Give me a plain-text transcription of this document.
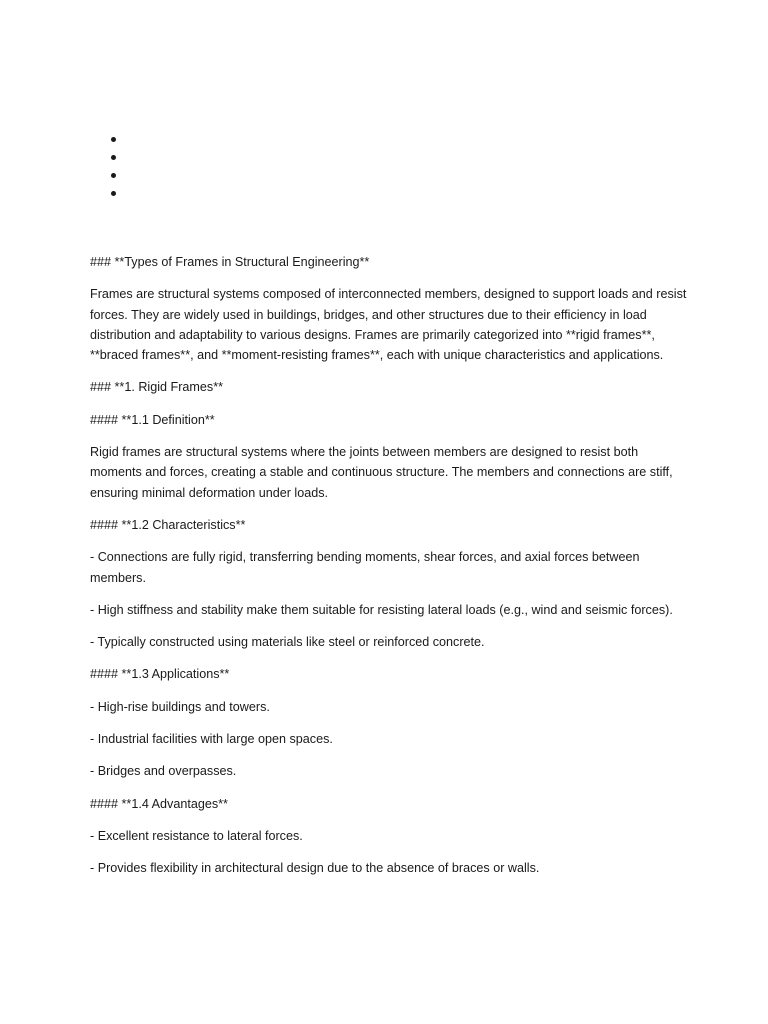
### **Types of Frames in Structural Engineering**

Frames are structural systems composed of interconnected members, designed to support loads and resist forces. They are widely used in buildings, bridges, and other structures due to their efficiency in load distribution and adaptability to various designs. Frames are primarily categorized into **rigid frames**, **braced frames**, and **moment-resisting frames**, each with unique characteristics and applications.

### **1. Rigid Frames**

#### **1.1 Definition**

Rigid frames are structural systems where the joints between members are designed to resist both moments and forces, creating a stable and continuous structure. The members and connections are stiff, ensuring minimal deformation under loads.

#### **1.2 Characteristics**

- Connections are fully rigid, transferring bending moments, shear forces, and axial forces between members.

- High stiffness and stability make them suitable for resisting lateral loads (e.g., wind and seismic forces).

- Typically constructed using materials like steel or reinforced concrete.

#### **1.3 Applications**

- High-rise buildings and towers.

- Industrial facilities with large open spaces.

- Bridges and overpasses.

#### **1.4 Advantages**

- Excellent resistance to lateral forces.

- Provides flexibility in architectural design due to the absence of braces or walls.
